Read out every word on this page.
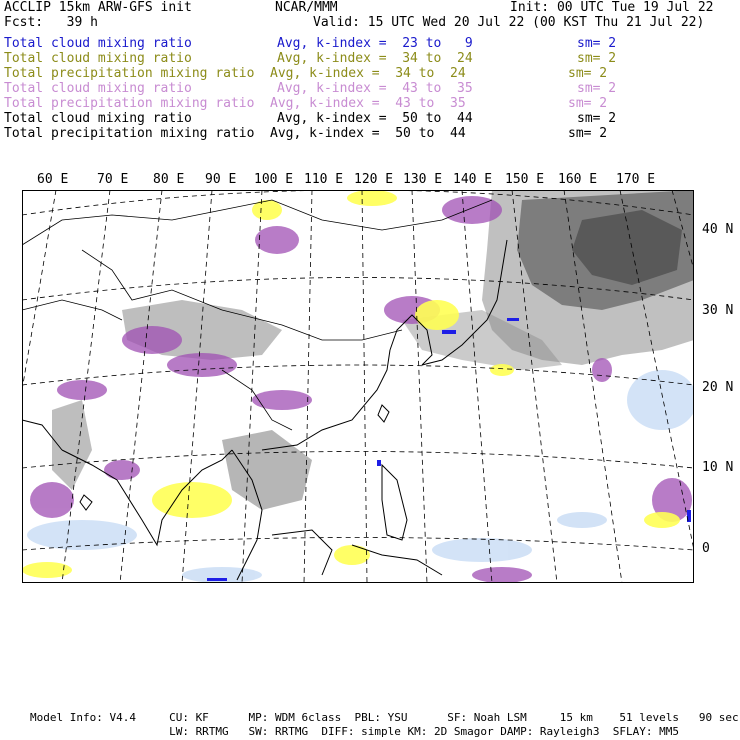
ACCLIP 15km ARW-GFS init	NCAR/MMM	Init: 00 UTC Tue 19 Jul 22
Fcst:   39 h	Valid: 15 UTC Wed 20 Jul 22 (00 KST Thu 21 Jul 22)
Total cloud mixing ratio	Avg, k-index =  23 to   9	sm= 2
Total cloud mixing ratio	Avg, k-index =  34 to  24	sm= 2
Total precipitation mixing ratio Avg, k-index =  34 to  24	sm= 2
Total cloud mixing ratio	Avg, k-index =  43 to  35	sm= 2
Total precipitation mixing ratio Avg, k-index =  43 to  35	sm= 2
Total cloud mixing ratio	Avg, k-index =  50 to  44	sm= 2
Total precipitation mixing ratio Avg, k-index =  50 to  44	sm= 2
60 E 70 E 80 E 90 E 100 E 110 E 120 E 130 E 140 E 150 E 160 E 170 E
40 N
30 N
20 N
10 N
0
Model Info: V4.4     CU: KF      MP: WDM 6class  PBL: YSU      SF: Noah LSM     15 km    51 levels   90 sec
LW: RRTMG   SW: RRTMG  DIFF: simple KM: 2D Smagor DAMP: Rayleigh3  SFLAY: MM5
